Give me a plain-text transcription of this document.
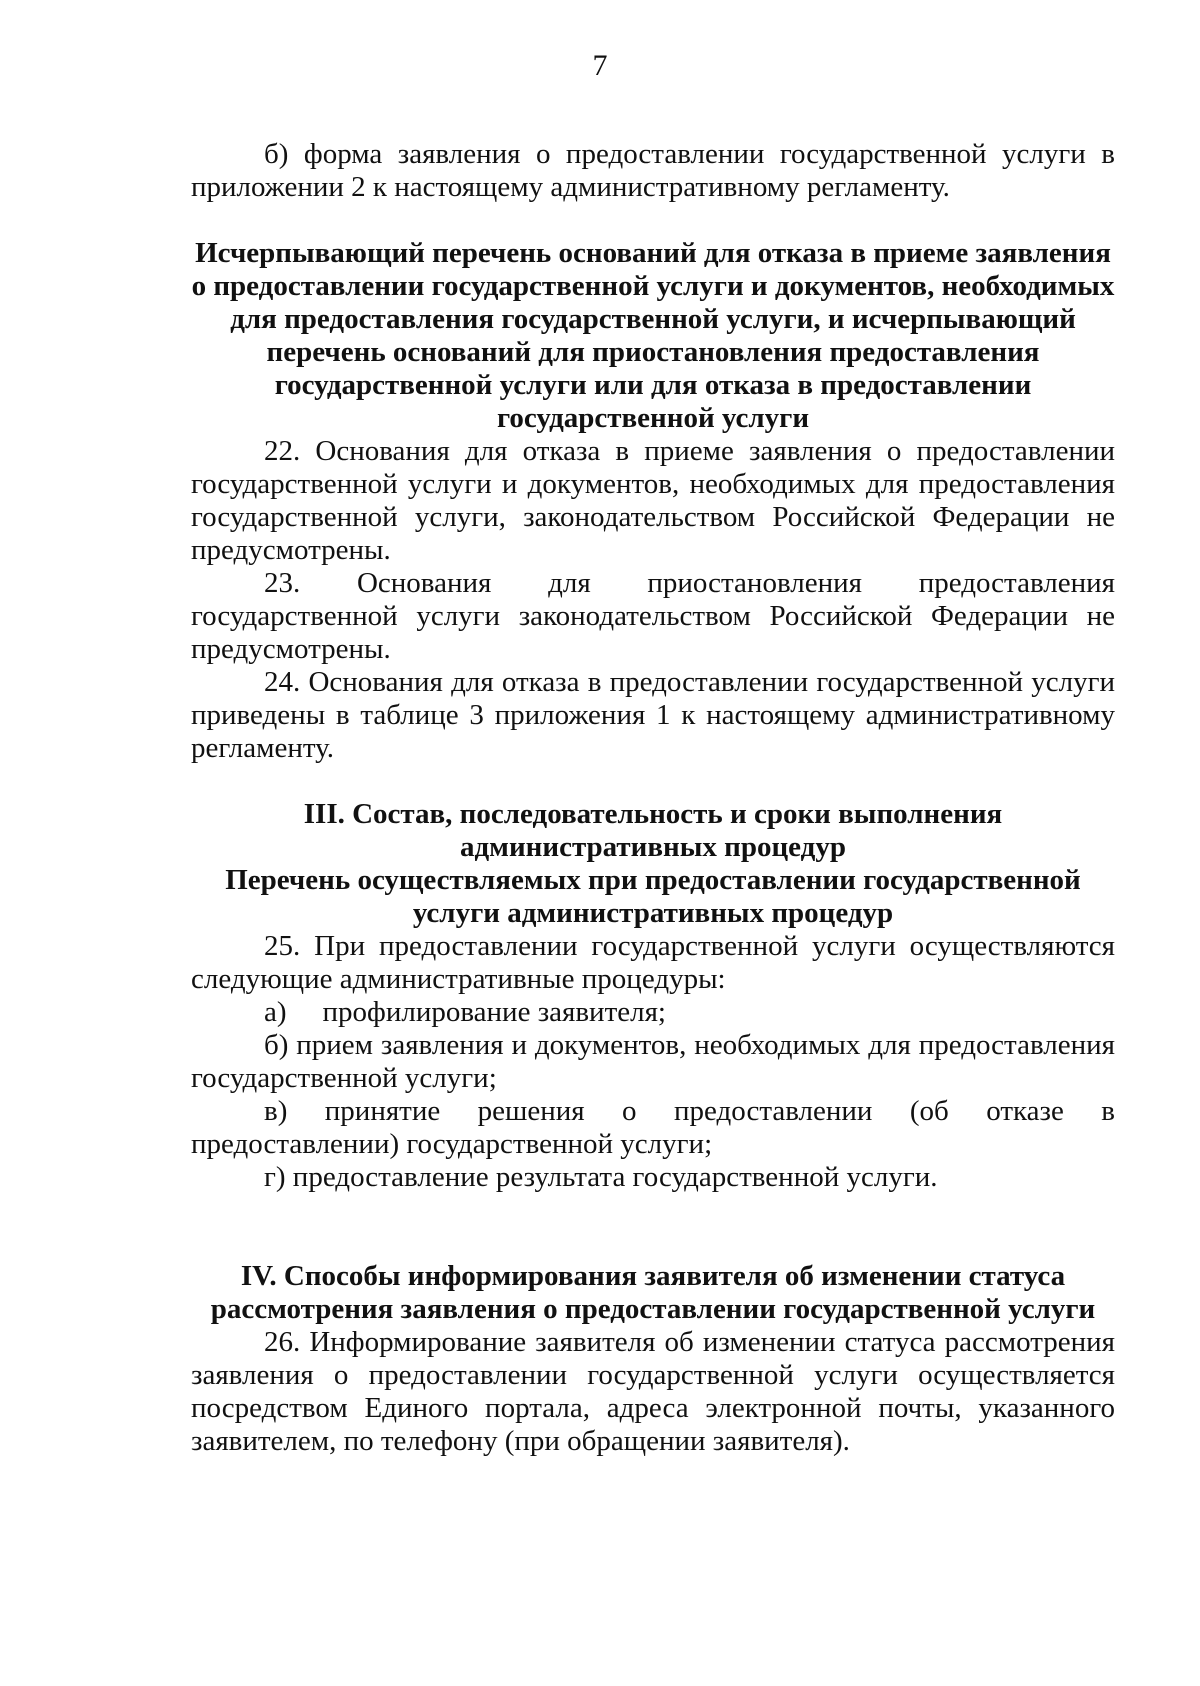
7

б) форма заявления о предоставлении государственной услуги в приложении 2 к настоящему административному регламенту.

Исчерпывающий перечень оснований для отказа в приеме заявления
о предоставлении государственной услуги и документов, необходимых
для предоставления государственной услуги, и исчерпывающий
перечень оснований для приостановления предоставления
государственной услуги или для отказа в предоставлении
государственной услуги

22. Основания для отказа в приеме заявления о предоставлении государственной услуги и документов, необходимых для предоставления государственной услуги, законодательством Российской Федерации не предусмотрены.

23. Основания для приостановления предоставления

государственной услуги законодательством Российской Федерации не предусмотрены.

24. Основания для отказа в предоставлении государственной услуги приведены в таблице 3 приложения 1 к настоящему административному регламенту.

III. Состав, последовательность и сроки выполнения
административных процедур
Перечень осуществляемых при предоставлении государственной
услуги административных процедур

25. При предоставлении государственной услуги осуществляются следующие административные процедуры:

а) профилирование заявителя;

б) прием заявления и документов, необходимых для предоставления государственной услуги;

в) принятие решения о предоставлении (об отказе в предоставлении) государственной услуги;

г) предоставление результата государственной услуги.

IV. Способы информирования заявителя об изменении статуса
рассмотрения заявления о предоставлении государственной услуги

26. Информирование заявителя об изменении статуса рассмотрения заявления о предоставлении государственной услуги осуществляется посредством Единого портала, адреса электронной почты, указанного заявителем, по телефону (при обращении заявителя).
